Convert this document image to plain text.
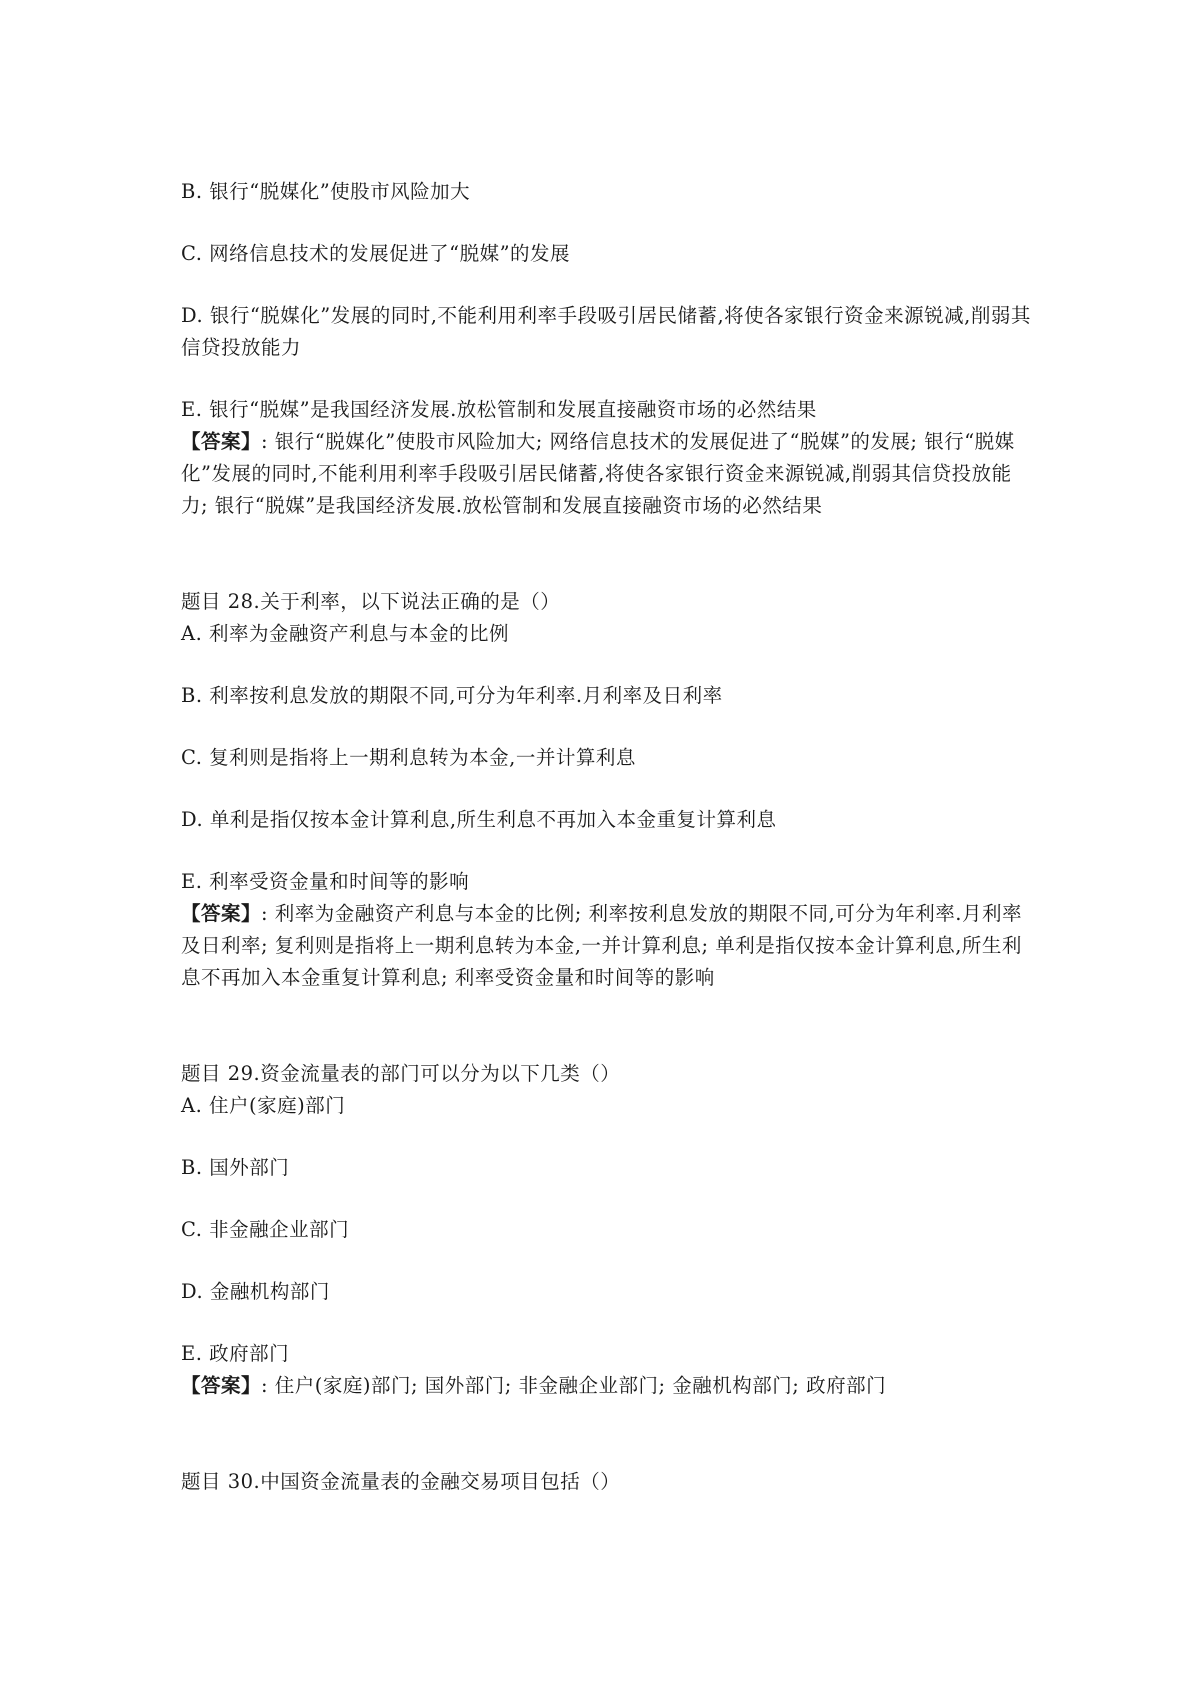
B. 银行“脱媒化”使股市风险加大

C. 网络信息技术的发展促进了“脱媒”的发展

D. 银行“脱媒化”发展的同时,不能利用利率手段吸引居民储蓄,将使各家银行资金来源锐减,削弱其信贷投放能力

E. 银行“脱媒”是我国经济发展.放松管制和发展直接融资市场的必然结果

【答案】: 银行“脱媒化”使股市风险加大; 网络信息技术的发展促进了“脱媒”的发展; 银行“脱媒化”发展的同时,不能利用利率手段吸引居民储蓄,将使各家银行资金来源锐减,削弱其信贷投放能力; 银行“脱媒”是我国经济发展.放松管制和发展直接融资市场的必然结果

题目 28.关于利率，以下说法正确的是（）

A. 利率为金融资产利息与本金的比例

B. 利率按利息发放的期限不同,可分为年利率.月利率及日利率

C. 复利则是指将上一期利息转为本金,一并计算利息

D. 单利是指仅按本金计算利息,所生利息不再加入本金重复计算利息

E. 利率受资金量和时间等的影响

【答案】: 利率为金融资产利息与本金的比例; 利率按利息发放的期限不同,可分为年利率.月利率及日利率; 复利则是指将上一期利息转为本金,一并计算利息; 单利是指仅按本金计算利息,所生利息不再加入本金重复计算利息; 利率受资金量和时间等的影响

题目 29.资金流量表的部门可以分为以下几类（）

A. 住户(家庭)部门

B. 国外部门

C. 非金融企业部门

D. 金融机构部门

E. 政府部门

【答案】: 住户(家庭)部门; 国外部门; 非金融企业部门; 金融机构部门; 政府部门

题目 30.中国资金流量表的金融交易项目包括（）
